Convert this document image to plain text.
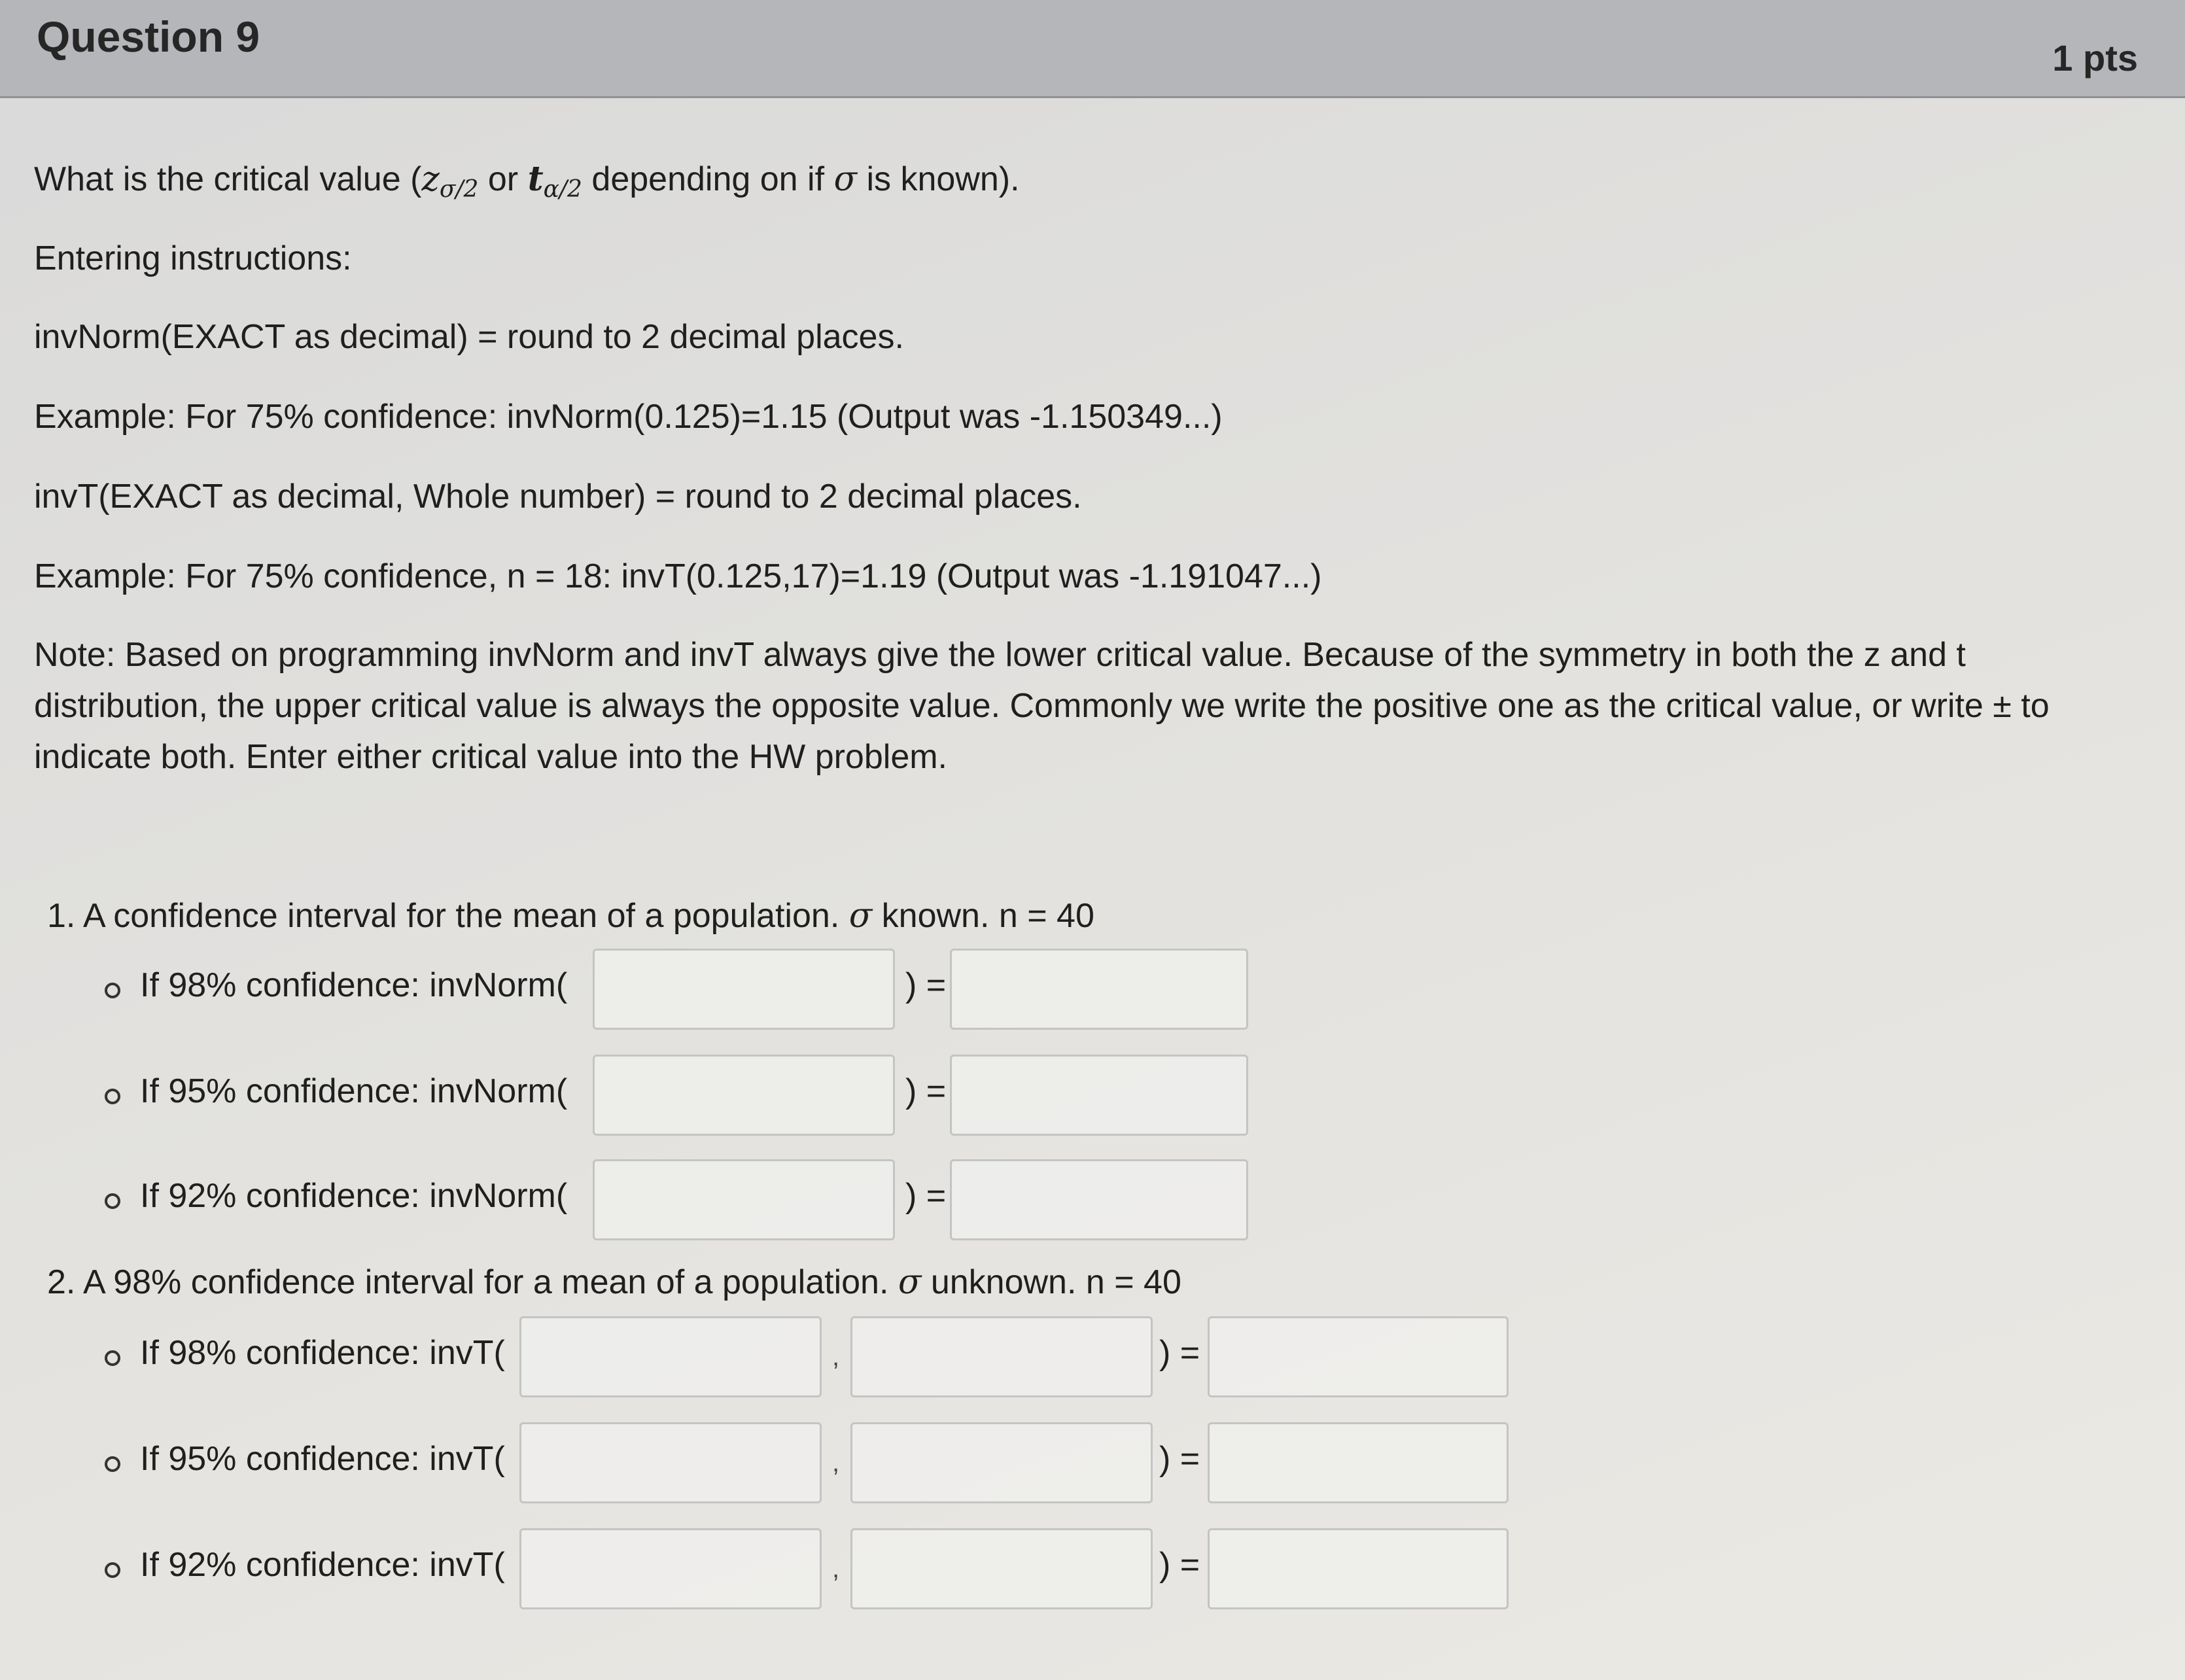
Question 9	1 pts
What is the critical value ($z_{\sigma/2}$ or $t_{\alpha/2}$ depending on if σ is known).
Entering instructions:
invNorm(EXACT as decimal) = round to 2 decimal places.
Example: For 75% confidence: invNorm(0.125)=1.15 (Output was -1.150349...)
invT(EXACT as decimal, Whole number) = round to 2 decimal places.
Example: For 75% confidence, n = 18: invT(0.125,17)=1.19 (Output was -1.191047...)
Note: Based on programming invNorm and invT always give the lower critical value. Because of the symmetry in both the z and t distribution, the upper critical value is always the opposite value. Commonly we write the positive one as the critical value, or write ± to indicate both. Enter either critical value into the HW problem.
1. A confidence interval for the mean of a population. σ known. n = 40
If 98% confidence: invNorm(	) =
If 95% confidence: invNorm(	) =
If 92% confidence: invNorm(	) =
2. A 98% confidence interval for a mean of a population. σ unknown. n = 40
If 98% confidence: invT(	,	) =
If 95% confidence: invT(	,	) =
If 92% confidence: invT(	,	) =
